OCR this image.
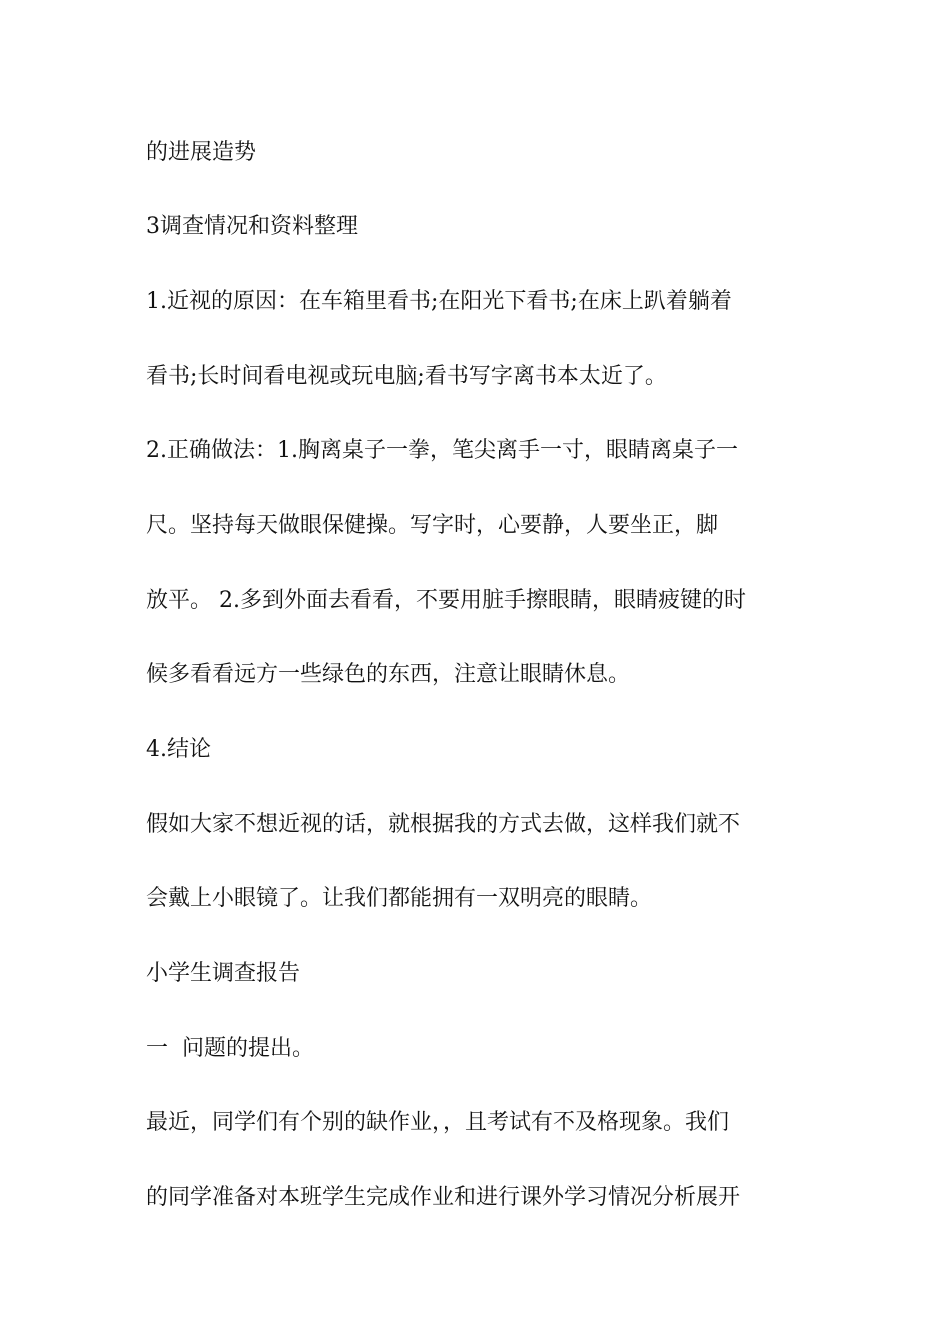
的进展造势

3调查情况和资料整理

1.近视的原因：在车箱里看书;在阳光下看书;在床上趴着躺着

看书;长时间看电视或玩电脑;看书写字离书本太近了。

2.正确做法：1.胸离桌子一拳，笔尖离手一寸，眼睛离桌子一

尺。坚持每天做眼保健操。写字时，心要静，人要坐正，脚

放平。 2.多到外面去看看，不要用脏手擦眼睛，眼睛疲键的时

候多看看远方一些绿色的东西，注意让眼睛休息。

4.结论

假如大家不想近视的话，就根据我的方式去做，这样我们就不

会戴上小眼镜了。让我们都能拥有一双明亮的眼睛。

小学生调查报告

一  问题的提出。

最近，同学们有个别的缺作业，，且考试有不及格现象。我们

的同学准备对本班学生完成作业和进行课外学习情况分析展开
